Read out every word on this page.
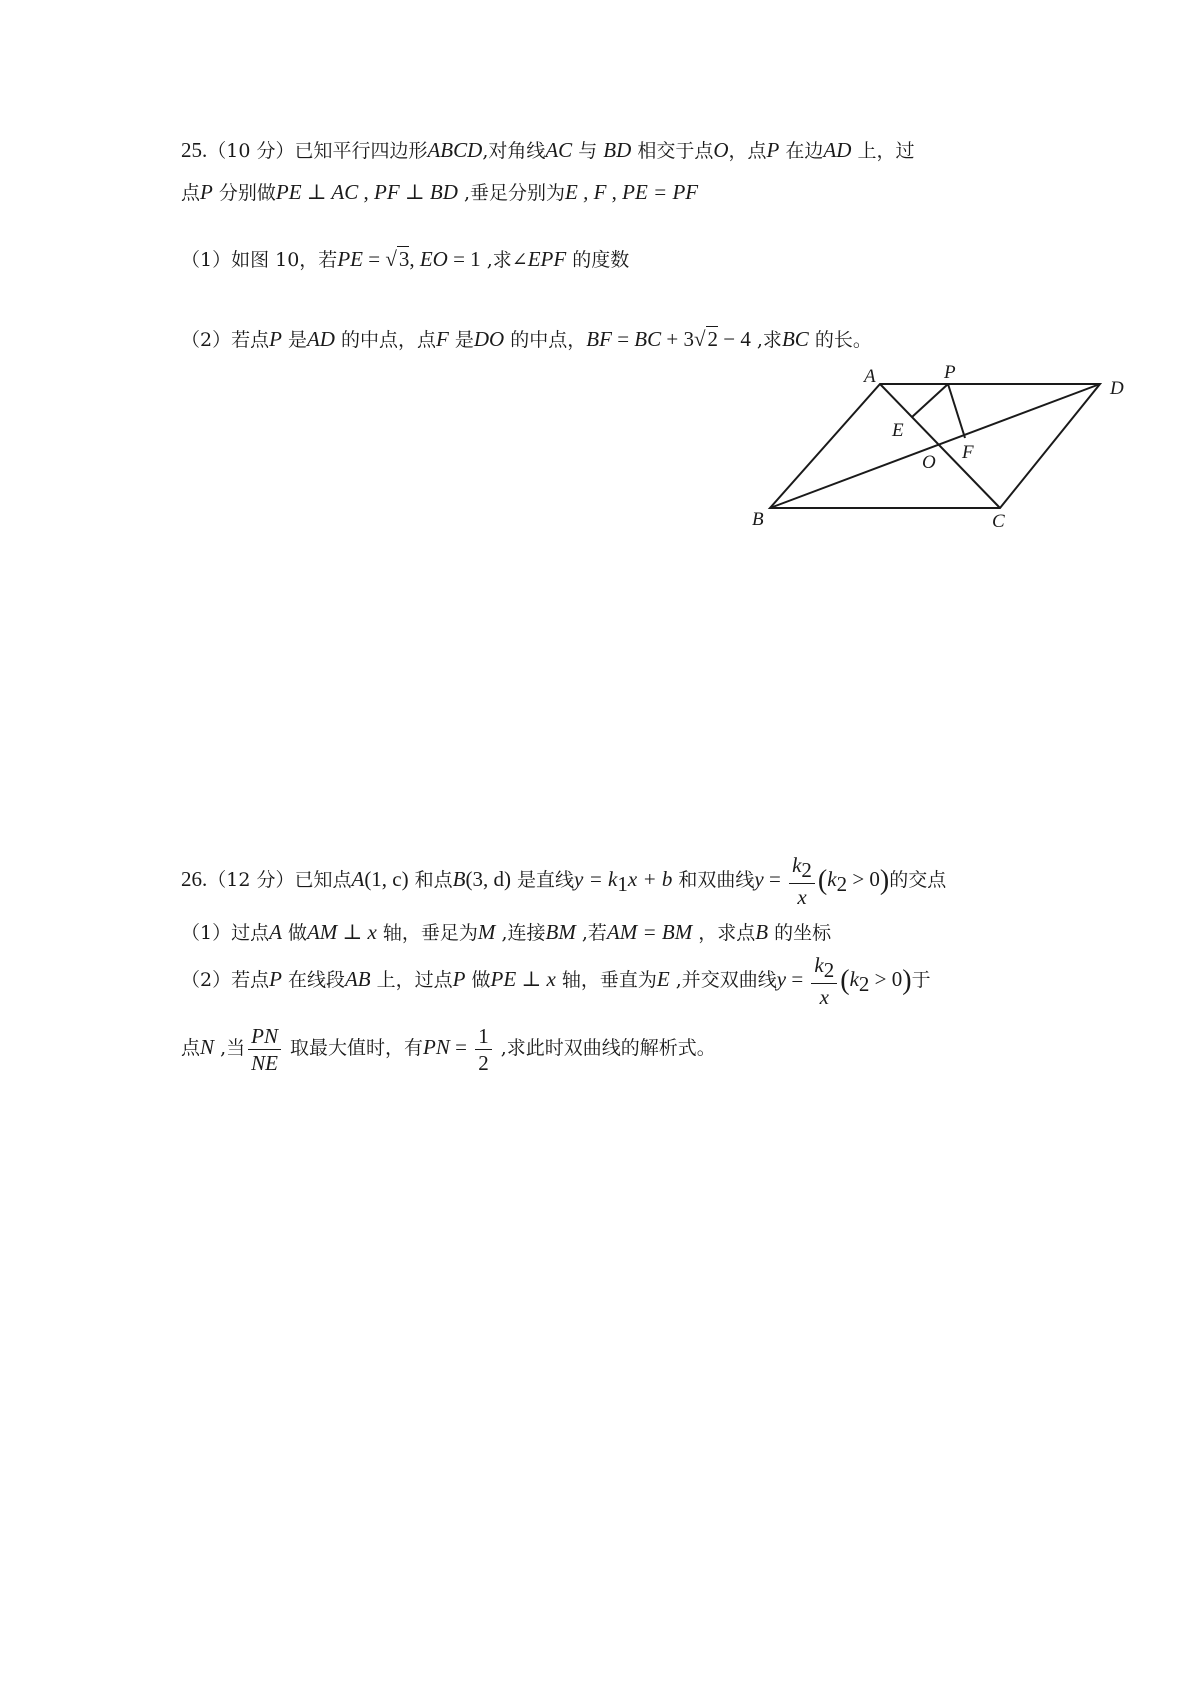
25.（10 分）已知平行四边形ABCD,对角线AC 与 BD 相交于点O，点P 在边AD 上，过
点P 分别做PE ⊥ AC , PF ⊥ BD ,垂足分别为E , F , PE = PF
（1）如图 10，若PE = √3, EO = 1 ,求∠EPF 的度数
（2）若点P 是AD 的中点，点F 是DO 的中点，BF = BC + 3√2 − 4 ,求BC 的长。
A	P
D
E
O F
B	C
26.（12 分）已知点A(1, c) 和点B(3, d) 是直线$y = k_1x + b$ 和双曲线$y = \frac{k_2}{x} (k_2 > 0)$的交点
（1）过点A 做AM ⊥ x 轴，垂足为M ,连接BM ,若AM = BM ，求点B 的坐标
（2）若点P 在线段AB 上，过点P 做PE ⊥ x 轴，垂直为E ,并交双曲线$y = \frac{k_2}{x} (k_2 > 0)$于
点N ,当 $\frac{PN}{NE}$ 取最大值时，有PN = $\frac{1}{2}$ ,求此时双曲线的解析式。
